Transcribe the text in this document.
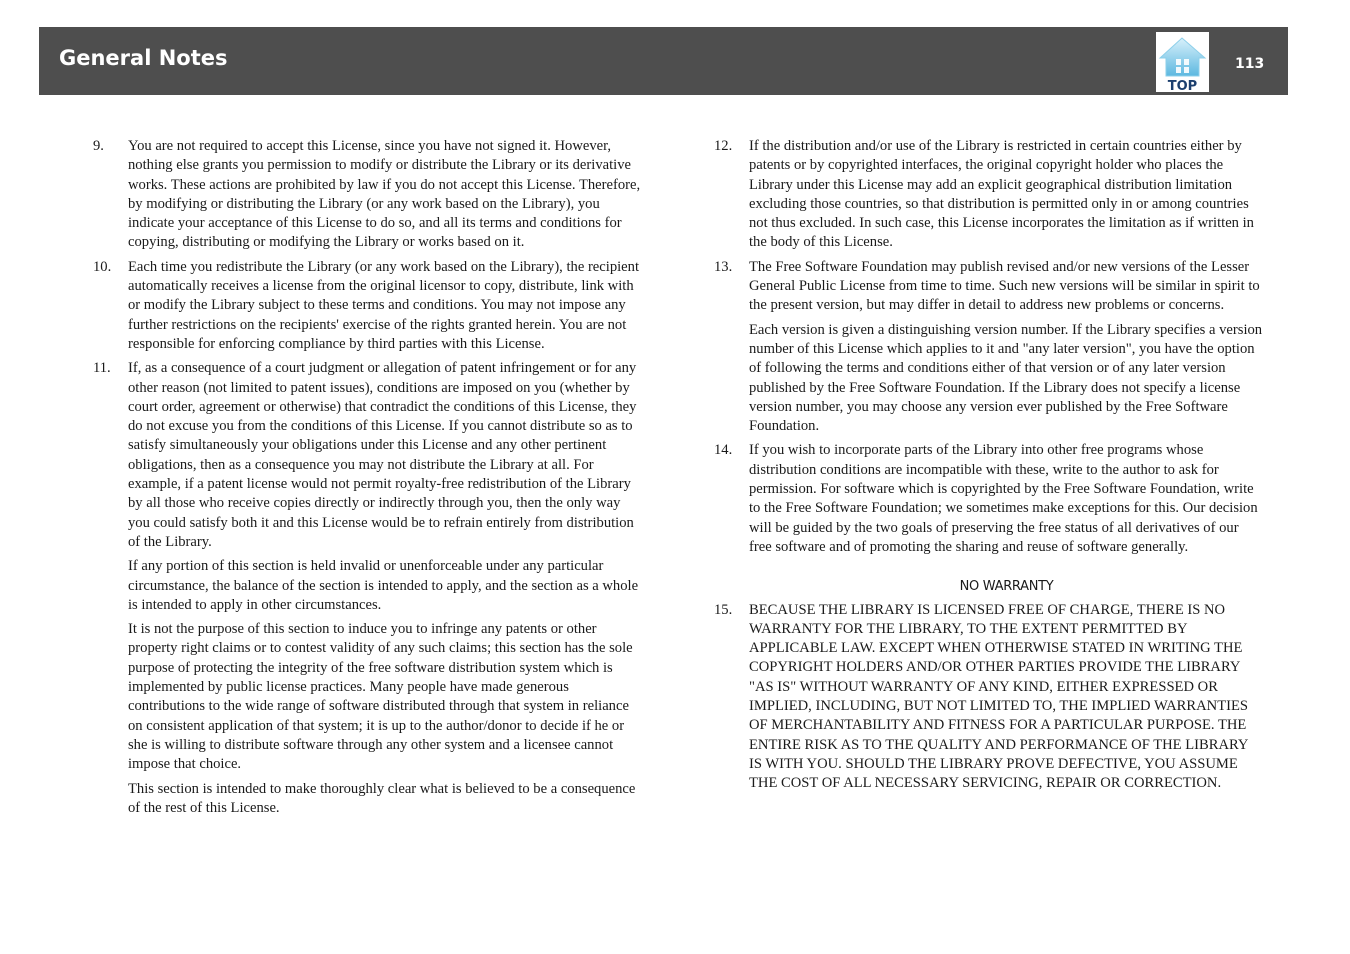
General Notes
TOP
113
9. You are not required to accept this License, since you have not signed it. However, nothing else grants you permission to modify or distribute the Library or its derivative works. These actions are prohibited by law if you do not accept this License. Therefore, by modifying or distributing the Library (or any work based on the Library), you indicate your acceptance of this License to do so, and all its terms and conditions for copying, distributing or modifying the Library or works based on it.

10. Each time you redistribute the Library (or any work based on the Library), the recipient automatically receives a license from the original licensor to copy, distribute, link with or modify the Library subject to these terms and conditions. You may not impose any further restrictions on the recipients' exercise of the rights granted herein. You are not responsible for enforcing compliance by third parties with this License.

11. If, as a consequence of a court judgment or allegation of patent infringement or for any other reason (not limited to patent issues), conditions are imposed on you (whether by court order, agreement or otherwise) that contradict the conditions of this License, they do not excuse you from the conditions of this License. If you cannot distribute so as to satisfy simultaneously your obligations under this License and any other pertinent obligations, then as a consequence you may not distribute the Library at all. For example, if a patent license would not permit royalty-free redistribution of the Library by all those who receive copies directly or indirectly through you, then the only way you could satisfy both it and this License would be to refrain entirely from distribution of the Library.

If any portion of this section is held invalid or unenforceable under any particular circumstance, the balance of the section is intended to apply, and the section as a whole is intended to apply in other circumstances.

It is not the purpose of this section to induce you to infringe any patents or other property right claims or to contest validity of any such claims; this section has the sole purpose of protecting the integrity of the free software distribution system which is implemented by public license practices. Many people have made generous contributions to the wide range of software distributed through that system in reliance on consistent application of that system; it is up to the author/donor to decide if he or she is willing to distribute software through any other system and a licensee cannot impose that choice.

This section is intended to make thoroughly clear what is believed to be a consequence of the rest of this License.

12. If the distribution and/or use of the Library is restricted in certain countries either by patents or by copyrighted interfaces, the original copyright holder who places the Library under this License may add an explicit geographical distribution limitation excluding those countries, so that distribution is permitted only in or among countries not thus excluded. In such case, this License incorporates the limitation as if written in the body of this License.

13. The Free Software Foundation may publish revised and/or new versions of the Lesser General Public License from time to time. Such new versions will be similar in spirit to the present version, but may differ in detail to address new problems or concerns.

Each version is given a distinguishing version number. If the Library specifies a version number of this License which applies to it and "any later version", you have the option of following the terms and conditions either of that version or of any later version published by the Free Software Foundation. If the Library does not specify a license version number, you may choose any version ever published by the Free Software Foundation.

14. If you wish to incorporate parts of the Library into other free programs whose distribution conditions are incompatible with these, write to the author to ask for permission. For software which is copyrighted by the Free Software Foundation, write to the Free Software Foundation; we sometimes make exceptions for this. Our decision will be guided by the two goals of preserving the free status of all derivatives of our free software and of promoting the sharing and reuse of software generally.

NO WARRANTY
15. BECAUSE THE LIBRARY IS LICENSED FREE OF CHARGE, THERE IS NO WARRANTY FOR THE LIBRARY, TO THE EXTENT PERMITTED BY APPLICABLE LAW. EXCEPT WHEN OTHERWISE STATED IN WRITING THE COPYRIGHT HOLDERS AND/OR OTHER PARTIES PROVIDE THE LIBRARY "AS IS" WITHOUT WARRANTY OF ANY KIND, EITHER EXPRESSED OR IMPLIED, INCLUDING, BUT NOT LIMITED TO, THE IMPLIED WARRANTIES OF MERCHANTABILITY AND FITNESS FOR A PARTICULAR PURPOSE. THE ENTIRE RISK AS TO THE QUALITY AND PERFORMANCE OF THE LIBRARY IS WITH YOU. SHOULD THE LIBRARY PROVE DEFECTIVE, YOU ASSUME THE COST OF ALL NECESSARY SERVICING, REPAIR OR CORRECTION.
